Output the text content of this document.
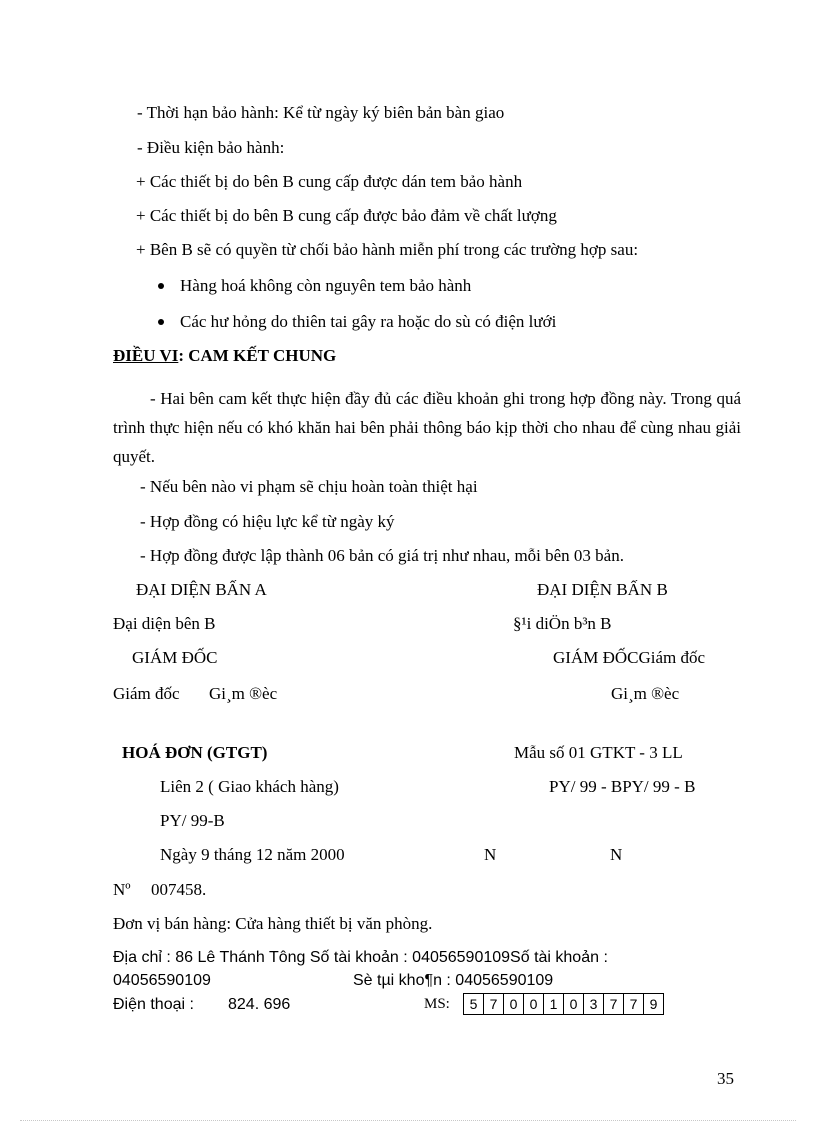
- Thời hạn bảo hành: Kể từ ngày ký biên bản bàn giao
- Điều kiện bảo hành:
+ Các thiết bị do bên B cung cấp được dán tem bảo hành
+ Các thiết bị do bên B cung cấp được bảo đảm về chất lượng
+ Bên B sẽ có quyền từ chối bảo hành miễn phí trong các trường hợp sau:
Hàng hoá không còn nguyên tem bảo hành
Các hư hỏng do thiên tai gây ra hoặc do sù có điện lưới
ĐIỀU VI: CAM KẾT CHUNG
- Hai bên cam kết thực hiện đầy đủ các điều khoản ghi trong hợp đồng này. Trong quá trình thực hiện nếu có khó khăn hai bên phải thông báo kịp thời cho nhau để cùng nhau giải quyết.
- Nếu bên nào vi phạm sẽ chịu hoàn toàn thiệt hại
- Hợp đồng có hiệu lực kể từ ngày ký
- Hợp đồng được lập thành 06 bản có giá trị như nhau, mỗi bên 03 bản.
ĐẠI DIỆN BẤN A	ĐẠI DIỆN BẤN B
Đại diện bên B	§¹i diÖn b³n B
GIÁM ĐỐC	GIÁM ĐỐCGiám đốc
Giám đốc Gi¸m ®èc	Gi¸m ®èc
HOÁ ĐƠN (GTGT)	Mẫu số 01 GTKT - 3 LL
Liên 2 ( Giao khách hàng)	PY/ 99 - BPY/ 99 - B
PY/ 99-B
Ngày 9 tháng 12 năm 2000	N	N
Nº 007458.
Đơn vị bán hàng: Cửa hàng thiết bị văn phòng.
Địa chỉ : 86 Lê Thánh Tông Số tài khoản : 04056590109Số tài khoản :
04056590109	Sè tµi kho¶n : 04056590109
Điện thoại : 824. 696	MS:	5 7 0 0 1 0 3 7 7 9
35
